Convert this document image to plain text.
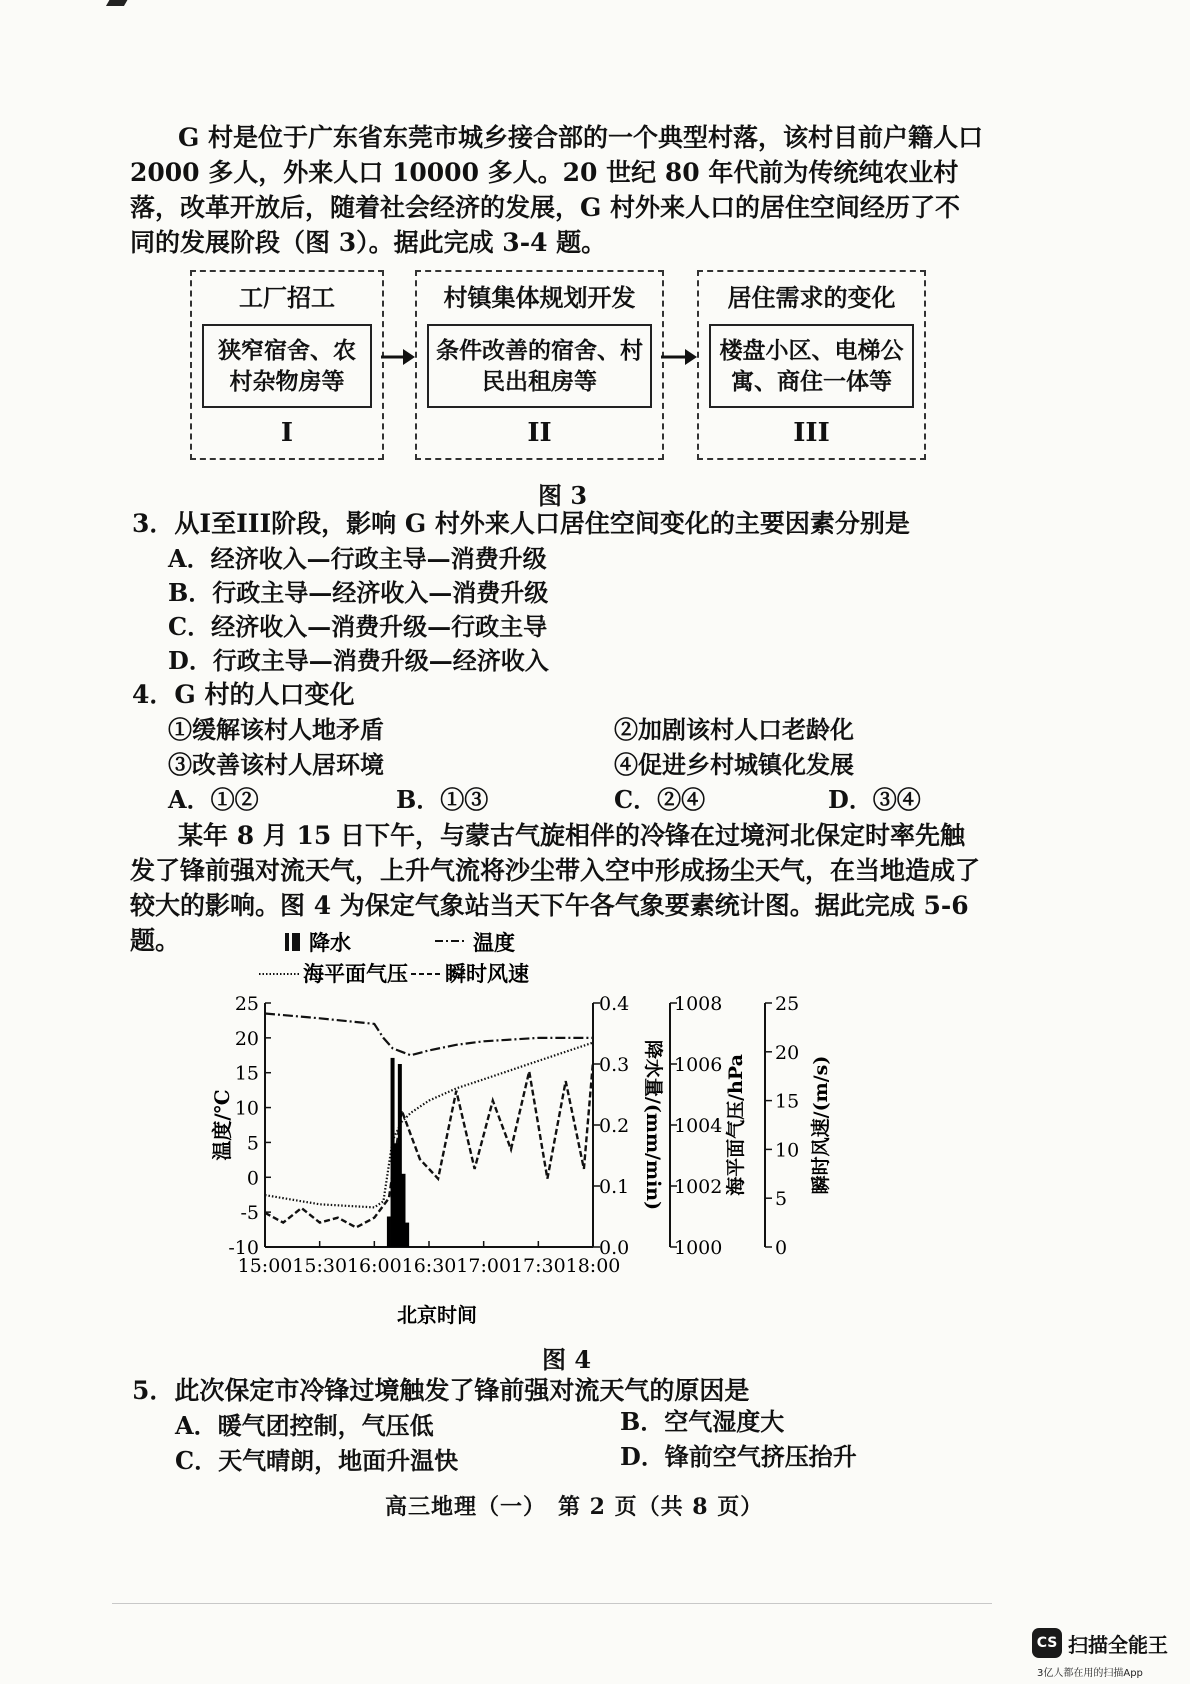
G 村是位于广东省东莞市城乡接合部的一个典型村落，该村目前户籍人口2000 多人，外来人口 10000 多人。20 世纪 80 年代前为传统纯农业村落，改革开放后，随着社会经济的发展，G 村外来人口的居住空间经历了不同的发展阶段（图 3）。据此完成 3-4 题。
工厂招工
狭窄宿舍、农村杂物房等
I
村镇集体规划开发
条件改善的宿舍、村民出租房等
II
居住需求的变化
楼盘小区、电梯公寓、商住一体等
III
图 3
3．从I至III阶段，影响 G 村外来人口居住空间变化的主要因素分别是
A．经济收入—行政主导—消费升级
B．行政主导—经济收入—消费升级
C．经济收入—消费升级—行政主导
D．行政主导—消费升级—经济收入
4．G 村的人口变化
①缓解该村人地矛盾	②加剧该村人口老龄化
③改善该村人居环境	④促进乡村城镇化发展
A．①②	B．①③	C．②④	D．③④
某年 8 月 15 日下午，与蒙古气旋相伴的冷锋在过境河北保定时率先触发了锋前强对流天气，上升气流将沙尘带入空中形成扬尘天气，在当地造成了较大的影响。图 4 为保定气象站当天下午各气象要素统计图。据此完成 5-6 题。	降水	温度
海平面气压 瞬时风速
25
20
15
10
5
0
-5
-10
温度/℃
0.4
0.3
0.2
0.1
0.0
降水量/(mm/min)
1008
1006
1004
1002
1000
海平面气压/hPa
25
20
15
10
5
0
瞬时风速/(m/s)
15:00 15:30 16:00 16:30 17:00 17:30 18:00
北京时间
图 4
5．此次保定市冷锋过境触发了锋前强对流天气的原因是
A．暖气团控制，气压低	B．空气湿度大
C．天气晴朗，地面升温快	D．锋前空气挤压抬升
高三地理（一）　第 2 页（共 8 页）
CS 扫描全能王
3亿人都在用的扫描App
